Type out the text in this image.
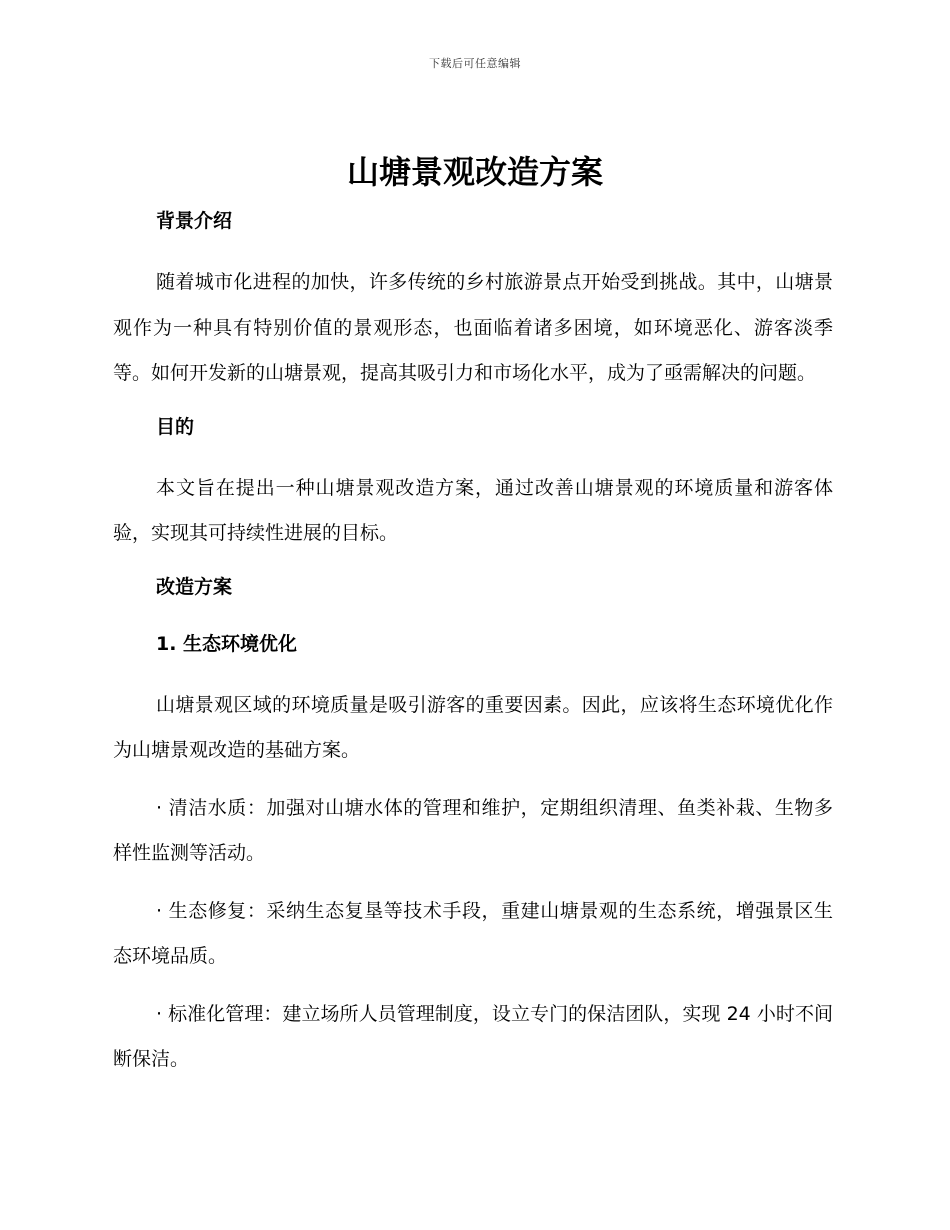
下载后可任意编辑
山塘景观改造方案
背景介绍

随着城市化进程的加快，许多传统的乡村旅游景点开始受到挑战。其中，山塘景观作为一种具有特别价值的景观形态，也面临着诸多困境，如环境恶化、游客淡季等。如何开发新的山塘景观，提高其吸引力和市场化水平，成为了亟需解决的问题。

目的

本文旨在提出一种山塘景观改造方案，通过改善山塘景观的环境质量和游客体验，实现其可持续性进展的目标。

改造方案
1. 生态环境优化

山塘景观区域的环境质量是吸引游客的重要因素。因此，应该将生态环境优化作为山塘景观改造的基础方案。

· 清洁水质：加强对山塘水体的管理和维护，定期组织清理、鱼类补栽、生物多样性监测等活动。

· 生态修复：采纳生态复垦等技术手段，重建山塘景观的生态系统，增强景区生态环境品质。

· 标准化管理：建立场所人员管理制度，设立专门的保洁团队，实现 24 小时不间断保洁。
